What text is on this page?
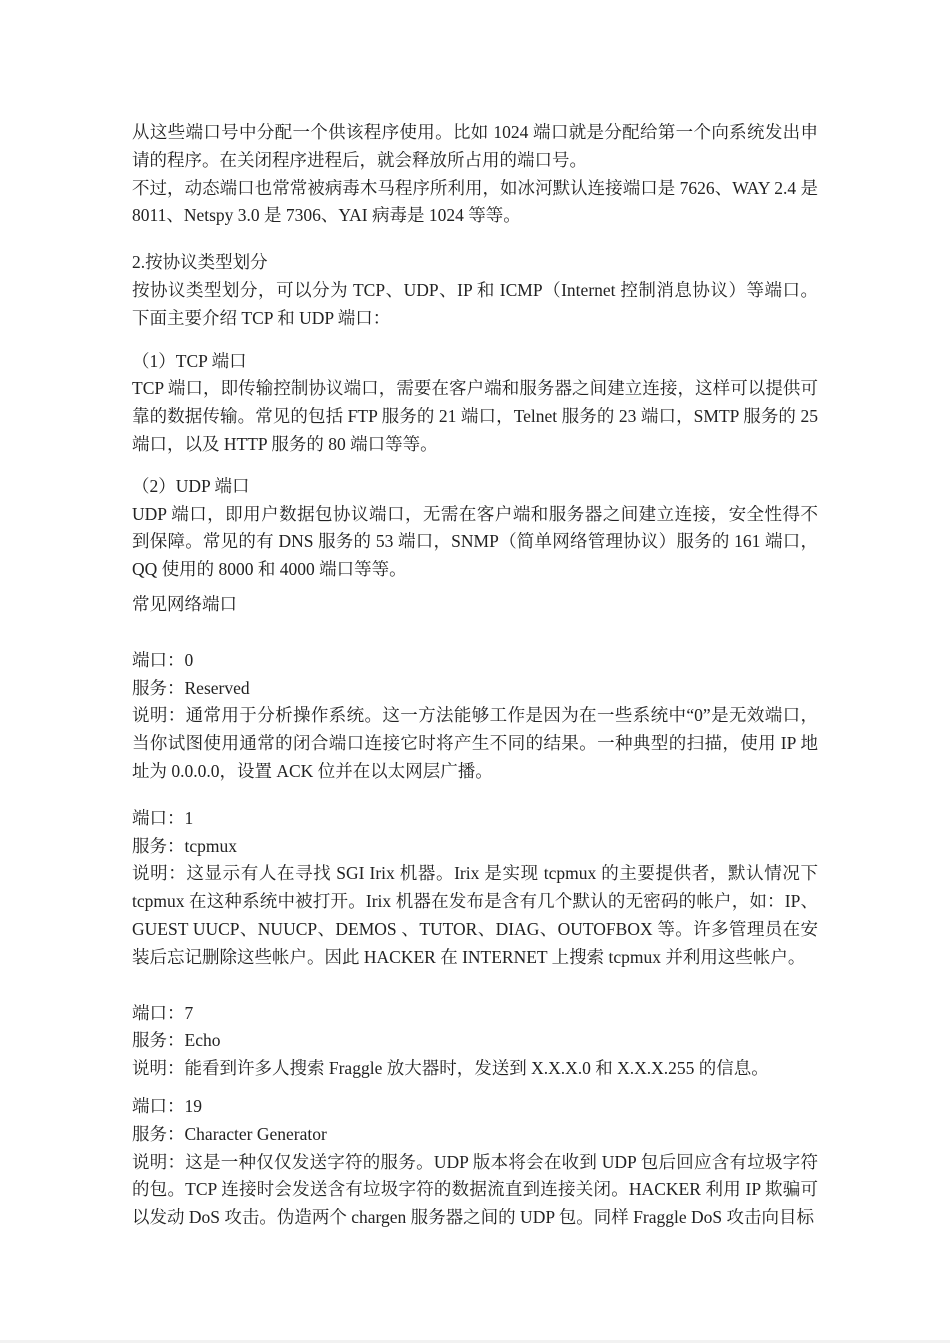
从这些端口号中分配一个供该程序使用。比如 1024 端口就是分配给第一个向系统发出申请的程序。在关闭程序进程后，就会释放所占用的端口号。
不过，动态端口也常常被病毒木马程序所利用，如冰河默认连接端口是 7626、WAY 2.4 是 8011、Netspy 3.0 是 7306、YAI 病毒是 1024 等等。

2.按协议类型划分
按协议类型划分，可以分为 TCP、UDP、IP 和 ICMP（Internet 控制消息协议）等端口。下面主要介绍 TCP 和 UDP 端口：

（1）TCP 端口
TCP 端口，即传输控制协议端口，需要在客户端和服务器之间建立连接，这样可以提供可靠的数据传输。常见的包括 FTP 服务的 21 端口，Telnet 服务的 23 端口，SMTP 服务的 25 端口，以及 HTTP 服务的 80 端口等等。

（2）UDP 端口
UDP 端口，即用户数据包协议端口，无需在客户端和服务器之间建立连接，安全性得不到保障。常见的有 DNS 服务的 53 端口，SNMP（简单网络管理协议）服务的 161 端口，QQ 使用的 8000 和 4000 端口等等。

常见网络端口

端口：0
服务：Reserved
说明：通常用于分析操作系统。这一方法能够工作是因为在一些系统中“0”是无效端口，当你试图使用通常的闭合端口连接它时将产生不同的结果。一种典型的扫描，使用 IP 地址为 0.0.0.0，设置 ACK 位并在以太网层广播。

端口：1
服务：tcpmux
说明：这显示有人在寻找 SGI Irix 机器。Irix 是实现 tcpmux 的主要提供者，默认情况下 tcpmux 在这种系统中被打开。Irix 机器在发布是含有几个默认的无密码的帐户，如：IP、GUEST UUCP、NUUCP、DEMOS 、TUTOR、DIAG、OUTOFBOX 等。许多管理员在安装后忘记删除这些帐户。因此 HACKER 在 INTERNET 上搜索 tcpmux 并利用这些帐户。

端口：7
服务：Echo
说明：能看到许多人搜索 Fraggle 放大器时，发送到 X.X.X.0 和 X.X.X.255 的信息。

端口：19
服务：Character Generator
说明：这是一种仅仅发送字符的服务。UDP 版本将会在收到 UDP 包后回应含有垃圾字符的包。TCP 连接时会发送含有垃圾字符的数据流直到连接关闭。HACKER 利用 IP 欺骗可以发动 DoS 攻击。伪造两个 chargen 服务器之间的 UDP 包。同样 Fraggle DoS 攻击向目标
